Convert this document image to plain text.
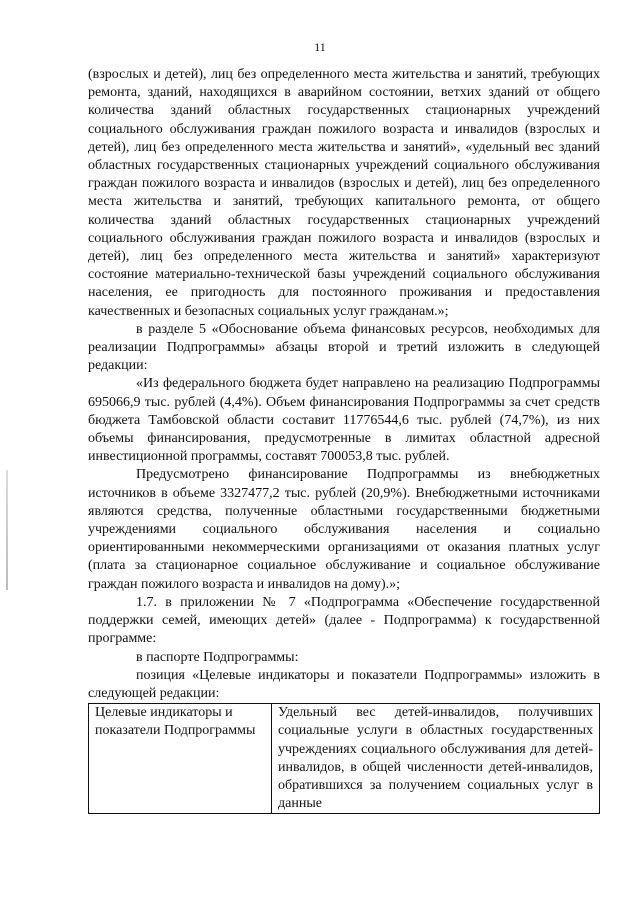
11

(взрослых и детей), лиц без определенного места жительства и занятий, требующих ремонта, зданий, находящихся в аварийном состоянии, ветхих зданий от общего количества зданий областных государственных стационарных учреждений социального обслуживания граждан пожилого возраста и инвалидов (взрослых и детей), лиц без определенного места жительства и занятий», «удельный вес зданий областных государственных стационарных учреждений социального обслуживания граждан пожилого возраста и инвалидов (взрослых и детей), лиц без определенного места жительства и занятий, требующих капитального ремонта, от общего количества зданий областных государственных стационарных учреждений социального обслуживания граждан пожилого возраста и инвалидов (взрослых и детей), лиц без определенного места жительства и занятий» характеризуют состояние материально-технической базы учреждений социального обслуживания населения, ее пригодность для постоянного проживания и предоставления качественных и безопасных социальных услуг гражданам.»;

в разделе 5 «Обоснование объема финансовых ресурсов, необходимых для реализации Подпрограммы» абзацы второй и третий изложить в следующей редакции:

«Из федерального бюджета будет направлено на реализацию Подпрограммы 695066,9 тыс. рублей (4,4%). Объем финансирования Подпрограммы за счет средств бюджета Тамбовской области составит 11776544,6 тыс. рублей (74,7%), из них объемы финансирования, предусмотренные в лимитах областной адресной инвестиционной программы, составят 700053,8 тыс. рублей.

Предусмотрено финансирование Подпрограммы из внебюджетных источников в объеме 3327477,2 тыс. рублей (20,9%). Внебюджетными источниками являются средства, полученные областными государственными бюджетными учреждениями социального обслуживания населения и социально ориентированными некоммерческими организациями от оказания платных услуг (плата за стационарное социальное обслуживание и социальное обслуживание граждан пожилого возраста и инвалидов на дому).»;

1.7. в приложении № 7 «Подпрограмма «Обеспечение государственной поддержки семей, имеющих детей» (далее - Подпрограмма) к государственной программе:

в паспорте Подпрограммы:

позиция «Целевые индикаторы и показатели Подпрограммы» изложить в следующей редакции:

Целевые индикаторы и показатели Подпрограммы	Удельный вес детей-инвалидов, получивших социальные услуги в областных государственных учреждениях социального обслуживания для детей-инвалидов, в общей численности детей-инвалидов, обратившихся за получением социальных услуг в данные
